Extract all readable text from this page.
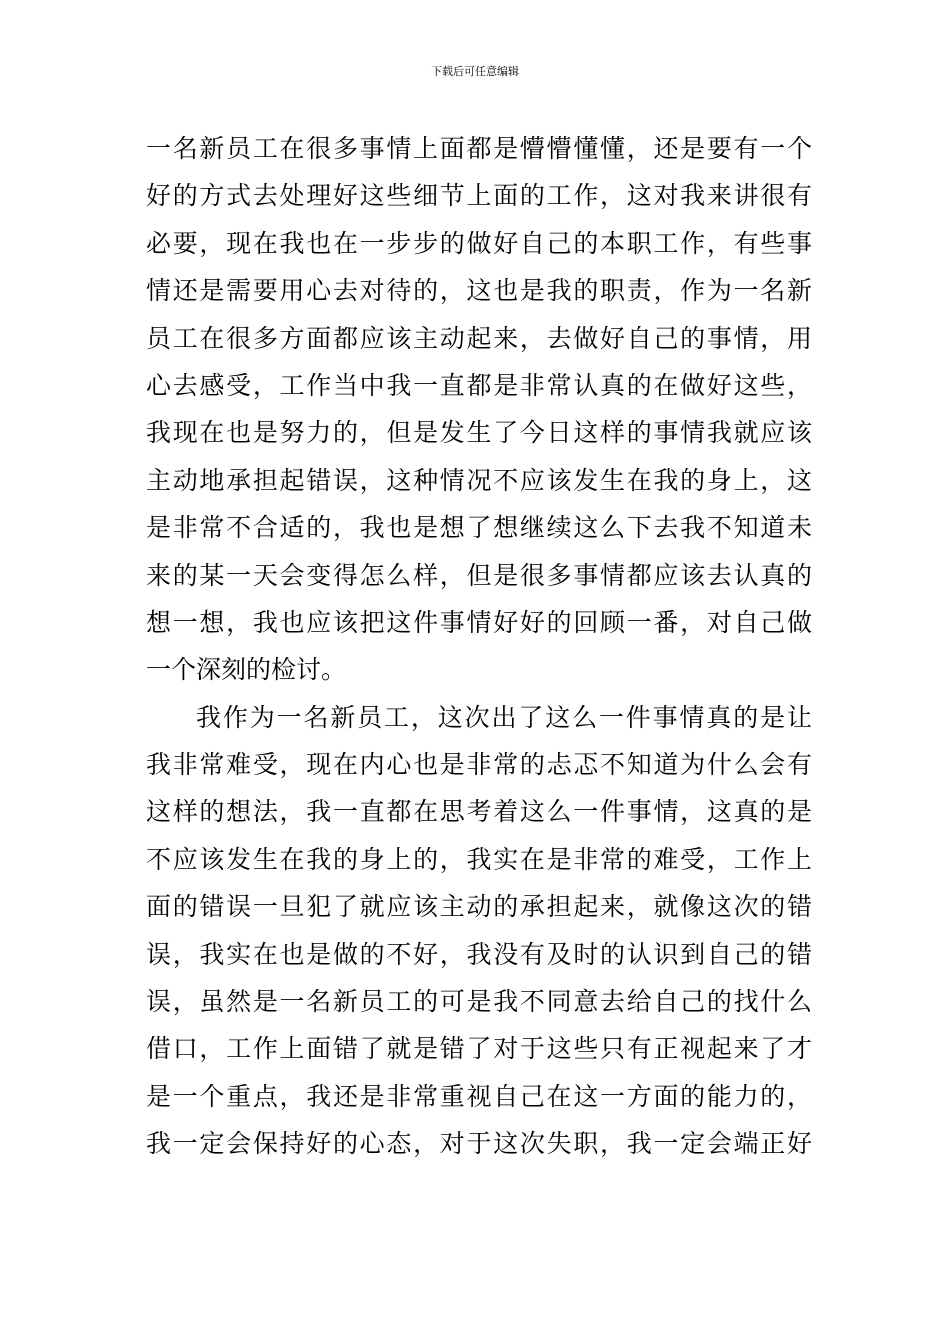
下载后可任意编辑
一名新员工在很多事情上面都是懵懵懂懂，还是要有一个
好的方式去处理好这些细节上面的工作，这对我来讲很有
必要，现在我也在一步步的做好自己的本职工作，有些事
情还是需要用心去对待的，这也是我的职责，作为一名新
员工在很多方面都应该主动起来，去做好自己的事情，用
心去感受，工作当中我一直都是非常认真的在做好这些，
我现在也是努力的，但是发生了今日这样的事情我就应该
主动地承担起错误，这种情况不应该发生在我的身上，这
是非常不合适的，我也是想了想继续这么下去我不知道未
来的某一天会变得怎么样，但是很多事情都应该去认真的
想一想，我也应该把这件事情好好的回顾一番，对自己做
一个深刻的检讨。
我作为一名新员工，这次出了这么一件事情真的是让
我非常难受，现在内心也是非常的忐忑不知道为什么会有
这样的想法，我一直都在思考着这么一件事情，这真的是
不应该发生在我的身上的，我实在是非常的难受，工作上
面的错误一旦犯了就应该主动的承担起来，就像这次的错
误，我实在也是做的不好，我没有及时的认识到自己的错
误，虽然是一名新员工的可是我不同意去给自己的找什么
借口，工作上面错了就是错了对于这些只有正视起来了才
是一个重点，我还是非常重视自己在这一方面的能力的，
我一定会保持好的心态，对于这次失职，我一定会端正好
